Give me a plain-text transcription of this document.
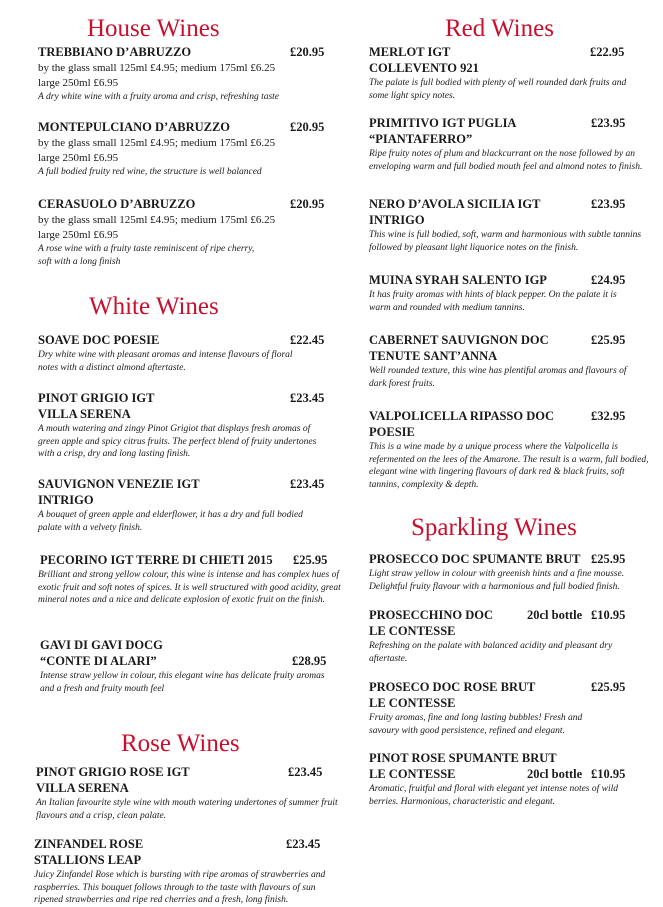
House Wines
TREBBIANO D’ABRUZZO	£20.95
by the glass small 125ml £4.95; medium 175ml £6.25
large 250ml £6.95
A dry white wine with a fruity aroma and crisp, refreshing taste
MONTEPULCIANO D’ABRUZZO	£20.95
by the glass small 125ml £4.95; medium 175ml £6.25
large 250ml £6.95
A full bodied fruity red wine, the structure is well balanced
CERASUOLO D’ABRUZZO	£20.95
by the glass small 125ml £4.95; medium 175ml £6.25
large 250ml £6.95
A rose wine with a fruity taste reminiscent of ripe cherry, soft with a long finish
White Wines
SOAVE DOC POESIE	£22.45
Dry white wine with pleasant aromas and intense flavours of floral notes with a distinct almond aftertaste.
PINOT GRIGIO IGT	£23.45
VILLA SERENA
A mouth watering and zingy Pinot Grigiot that displays fresh aromas of green apple and spicy citrus fruits. The perfect blend of fruity undertones with a crisp, dry and long lasting finish.
SAUVIGNON VENEZIE IGT	£23.45
INTRIGO
A bouquet of green apple and elderflower, it has a dry and full bodied palate with a velvety finish.
PECORINO IGT TERRE DI CHIETI 2015 £25.95
Brilliant and strong yellow colour, this wine is intense and has complex hues of exotic fruit and soft notes of spices. It is well structured with good acidity, great mineral notes and a nice and delicate explosion of exotic fruit on the finish.
GAVI DI GAVI DOCG
“CONTE DI ALARI”	£28.95
Intense straw yellow in colour, this elegant wine has delicate fruity aromas and a fresh and fruity mouth feel
Rose Wines
PINOT GRIGIO ROSE IGT	£23.45
VILLA SERENA
An Italian favourite style wine with mouth watering undertones of summer fruit flavours and a crisp, clean palate.
ZINFANDEL ROSE	£23.45
STALLIONS LEAP
Juicy Zinfandel Rose which is bursting with ripe aromas of strawberries and raspberries. This bouquet follows through to the taste with flavours of sun ripened strawberries and ripe red cherries and a fresh, long finish.
Red Wines
MERLOT IGT	£22.95
COLLEVENTO 921
The palate is full bodied with plenty of well rounded dark fruits and some light spicy notes.
PRIMITIVO IGT PUGLIA	£23.95
“PIANTAFERRO”
Ripe fruity notes of plum and blackcurrant on the nose followed by an enveloping warm and full bodied mouth feel and almond notes to finish.
NERO D’AVOLA SICILIA IGT	£23.95
INTRIGO
This wine is full bodied, soft, warm and harmonious with subtle tannins followed by pleasant light liquorice notes on the finish.
MUINA SYRAH SALENTO IGP	£24.95
It has fruity aromas with hints of black pepper. On the palate it is warm and rounded with medium tannins.
CABERNET SAUVIGNON DOC	£25.95
TENUTE SANT’ANNA
Well rounded texture, this wine has plentiful aromas and flavours of dark forest fruits.
VALPOLICELLA RIPASSO DOC	£32.95
POESIE
This is a wine made by a unique process where the Valpolicella is refermented on the lees of the Amarone. The result is a warm, full bodied, elegant wine with lingering flavours of dark red & black fruits, soft tannins, complexity & depth.
Sparkling Wines
PROSECCO DOC SPUMANTE BRUT £25.95
Light straw yellow in colour with greenish hints and a fine mousse. Delightful fruity flavour with a harmonious and full bodied finish.
PROSECCHINO DOC	20cl bottle £10.95
LE CONTESSE
Refreshing on the palate with balanced acidity and pleasant dry aftertaste.
PROSECO DOC ROSE BRUT	£25.95
LE CONTESSE
Fruity aromas, fine and long lasting bubbles! Fresh and savoury with good persistence, refined and elegant.
PINOT ROSE SPUMANTE BRUT
LE CONTESSE	20cl bottle £10.95
Aromatic, fruitful and floral with elegant yet intense notes of wild berries. Harmonious, characteristic and elegant.
